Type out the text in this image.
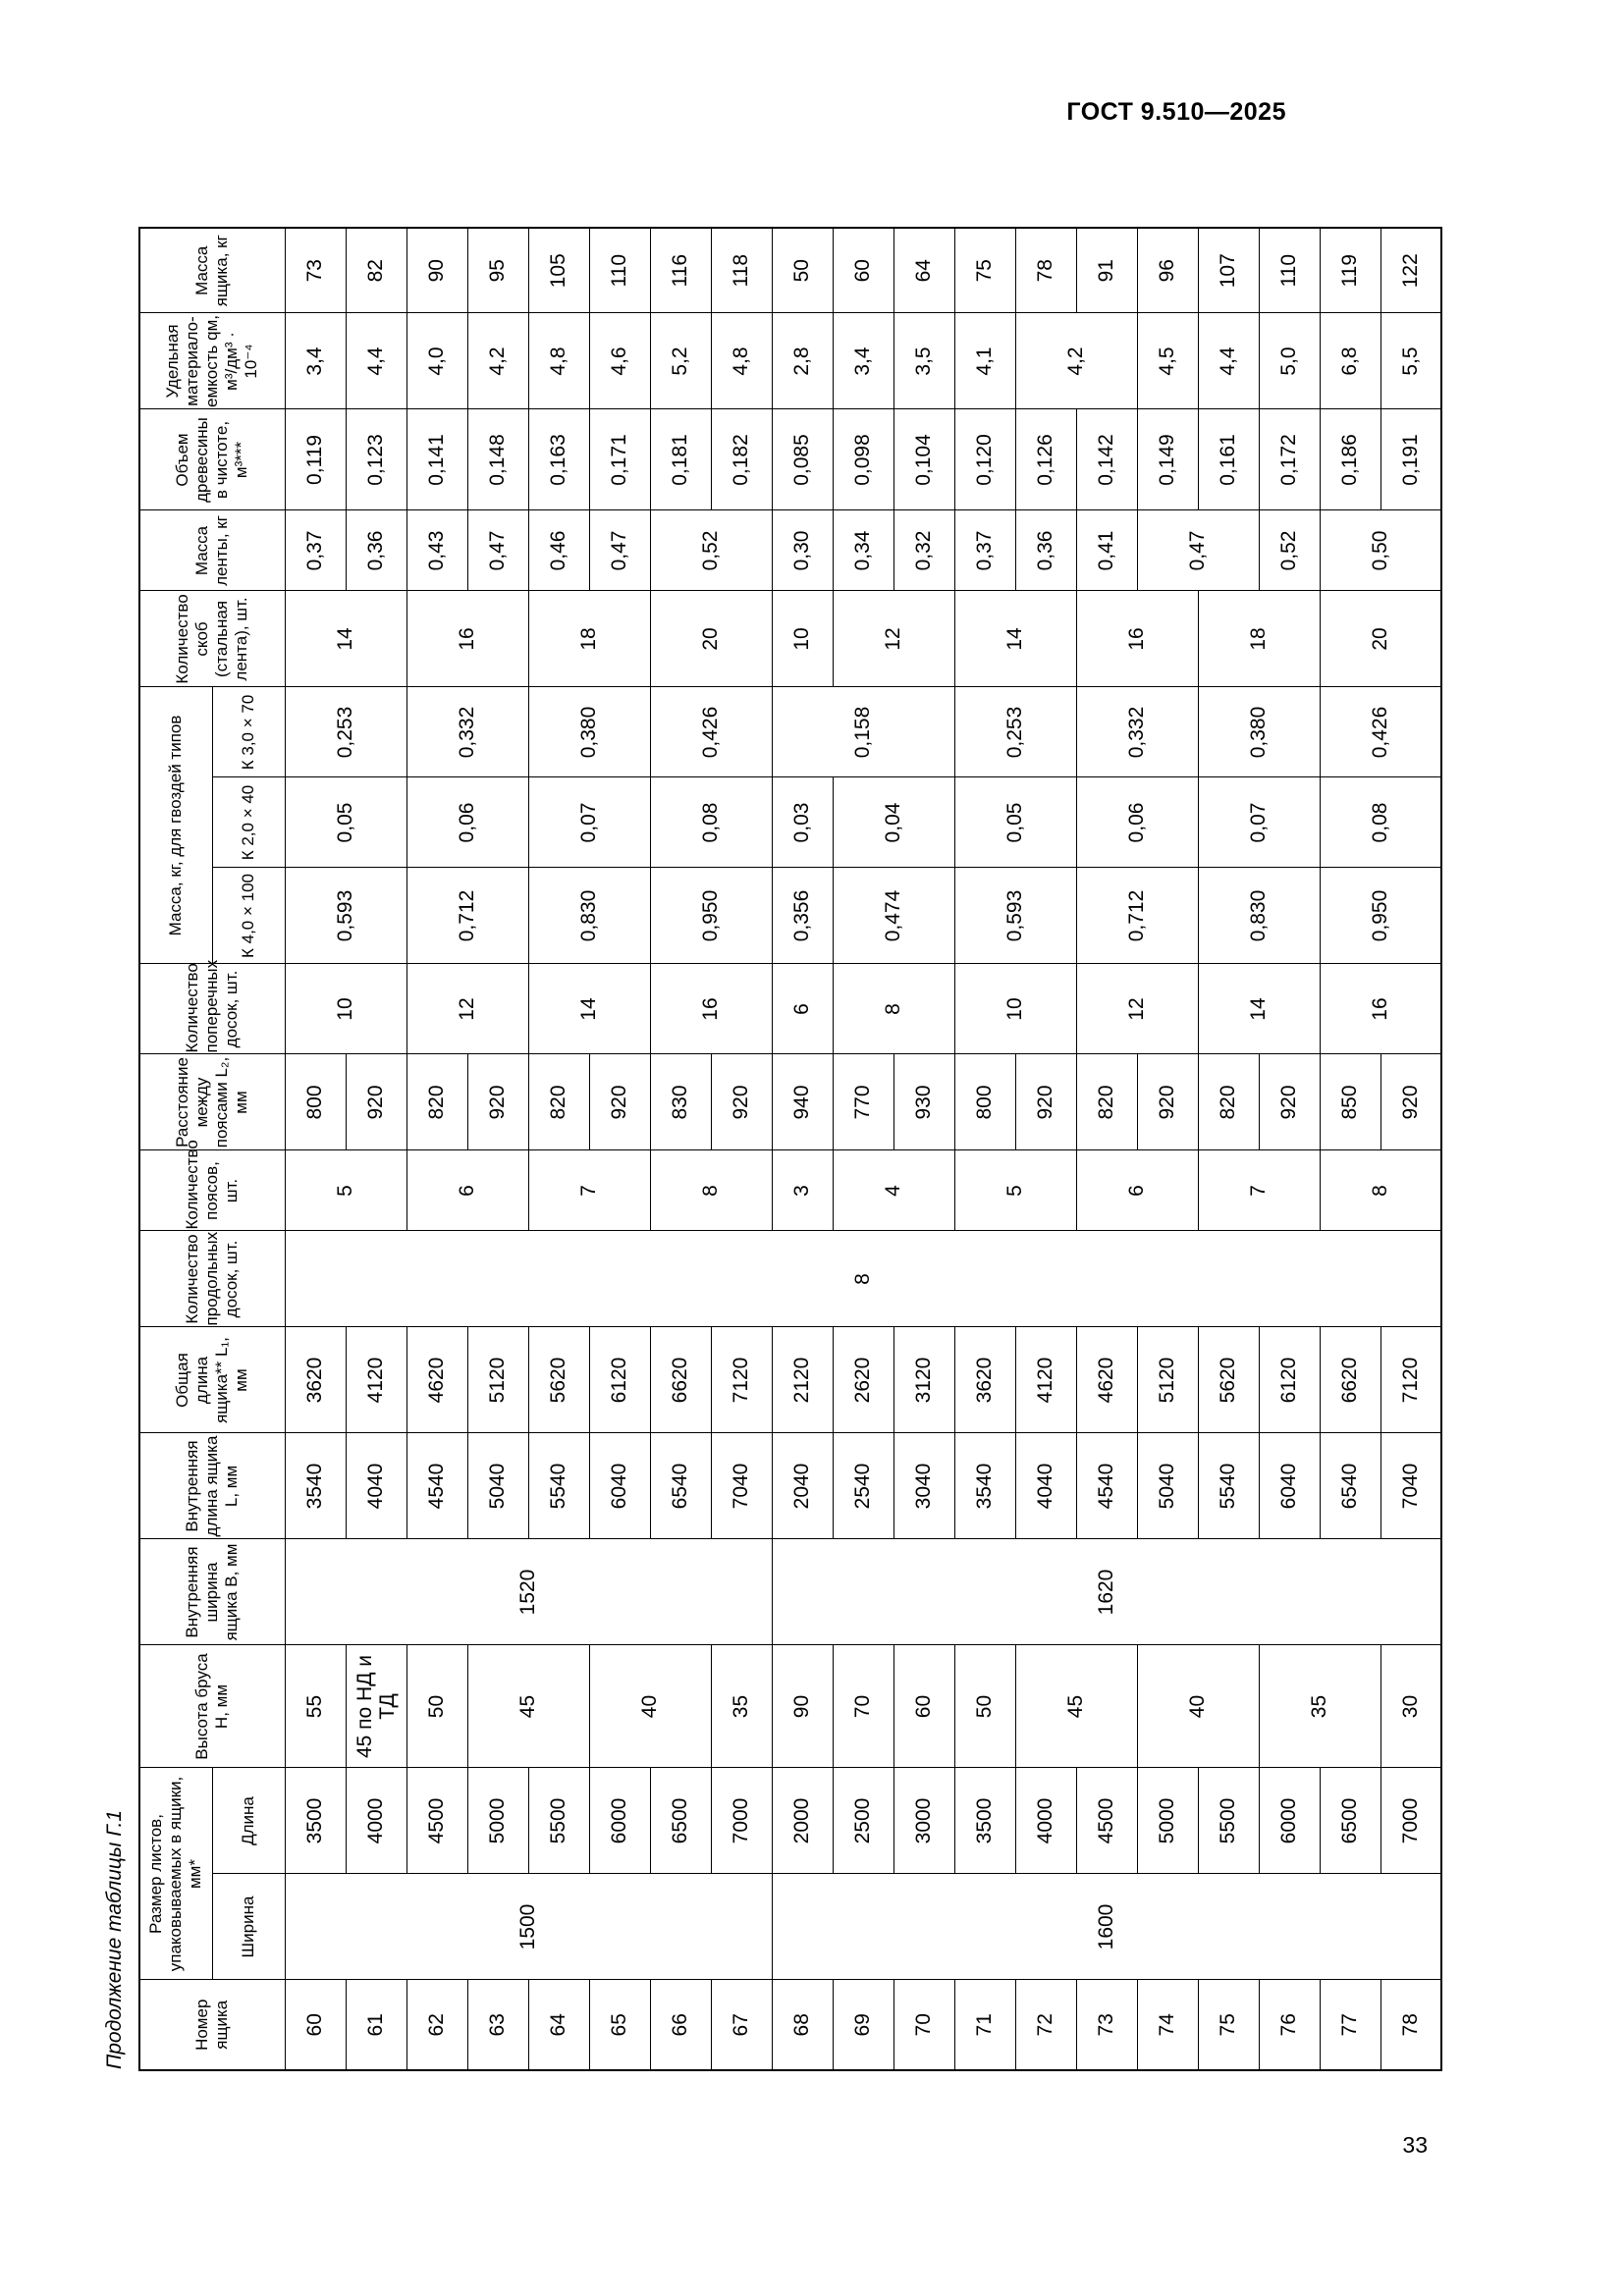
ГОСТ 9.510—2025
Продолжение таблицы Г.1	Номер ящика	Размер листов, упаковываемых в ящики, мм*		Высота бруса Н, мм	Внутренняя ширина ящика В, мм	Внутренняя длина ящика L, мм	Общая длина ящика** L₁, мм	Количество продольных досок, шт.	Количество поясов, шт.	Расстояние между поясами L₂, мм	Количество поперечных досок, шт.	Масса, кг, для гвоздей типов			Количество скоб (стальная лента), шт.	Масса ленты, кг	Объем древесины в чистоте, м³***	Удельная материало-емкость qм, м³/дм³ · 10⁻⁴	Масса ящика, кг
	Ширина	Длина									К 4,0 × 100	К 2,0 × 40	К 3,0 × 70					
60	1500	3500	55	1520	3540	3620	8	5	800	10	0,593	0,05	0,253	14	0,37	0,119	3,4	73
61		4000	45 по НД и ТД		4040	4120			920						0,36	0,123	4,4	82
62		4500	50		4540	4620		6	820	12	0,712	0,06	0,332	16	0,43	0,141	4,0	90
63		5000	45		5040	5120			920						0,47	0,148	4,2	95
64		5500			5540	5620		7	820	14	0,830	0,07	0,380	18	0,46	0,163	4,8	105
65		6000	40		6040	6120			920						0,47	0,171	4,6	110
66		6500			6540	6620		8	830	16	0,950	0,08	0,426	20	0,52	0,181	5,2	116
67		7000	35		7040	7120			920							0,182	4,8	118
68	1600	2000	90	1620	2040	2120		3	940	6	0,356	0,03	0,158	10	0,30	0,085	2,8	50
69		2500	70		2540	2620		4	770	8	0,474	0,04		12	0,34	0,098	3,4	60
70		3000	60		3040	3120			930						0,32	0,104	3,5	64
71		3500	50		3540	3620		5	800	10	0,593	0,05	0,253	14	0,37	0,120	4,1	75
72		4000	45		4040	4120			920						0,36	0,126	4,2	78
73		4500			4540	4620		6	820	12	0,712	0,06	0,332	16	0,41	0,142		91
74		5000	40		5040	5120			920						0,47	0,149	4,5	96
75		5500			5540	5620		7	820	14	0,830	0,07	0,380	18		0,161	4,4	107
76		6000	35		6040	6120			920						0,52	0,172	5,0	110
77		6500			6540	6620		8	850	16	0,950	0,08	0,426	20	0,50	0,186	6,8	119
78		7000	30		7040	7120			920							0,191	5,5	122
33
